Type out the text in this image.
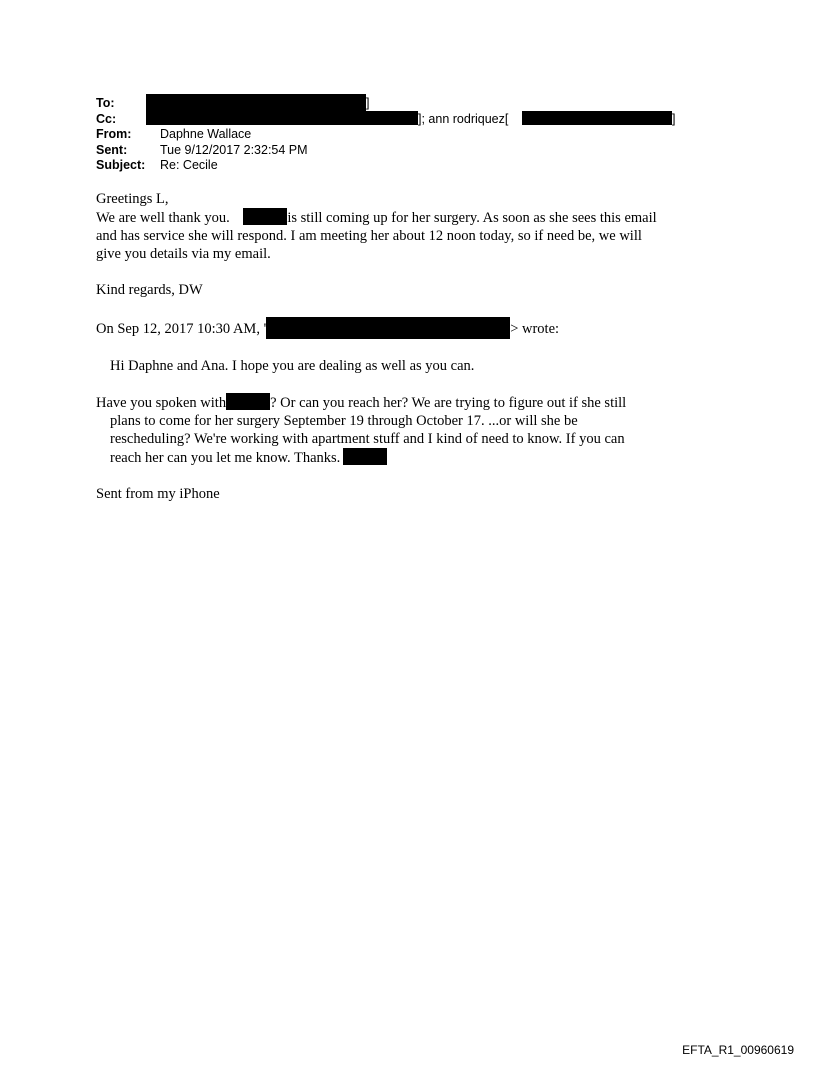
To:	]
Cc:	]; ann rodriquez[	]
From: Daphne Wallace
Sent:	Tue 9/12/2017 2:32:54 PM
Subject: Re: Cecile

Greetings L,

We are well thank you.	is still coming up for her surgery. As soon as she sees this email

and has service she will respond. I am meeting her about 12 noon today, so if need be, we will

give you details via my email.

Kind regards, DW

On Sep 12, 2017 10:30 AM, '	> wrote:

Hi Daphne and Ana. I hope you are dealing as well as you can.

Have you spoken with	? Or can you reach her? We are trying to figure out if she still

plans to come for her surgery September 19 through October 17. ...or will she be

rescheduling? We're working with apartment stuff and I kind of need to know. If you can

reach her can you let me know. Thanks.

Sent from my iPhone

EFTA_R1_00960619
